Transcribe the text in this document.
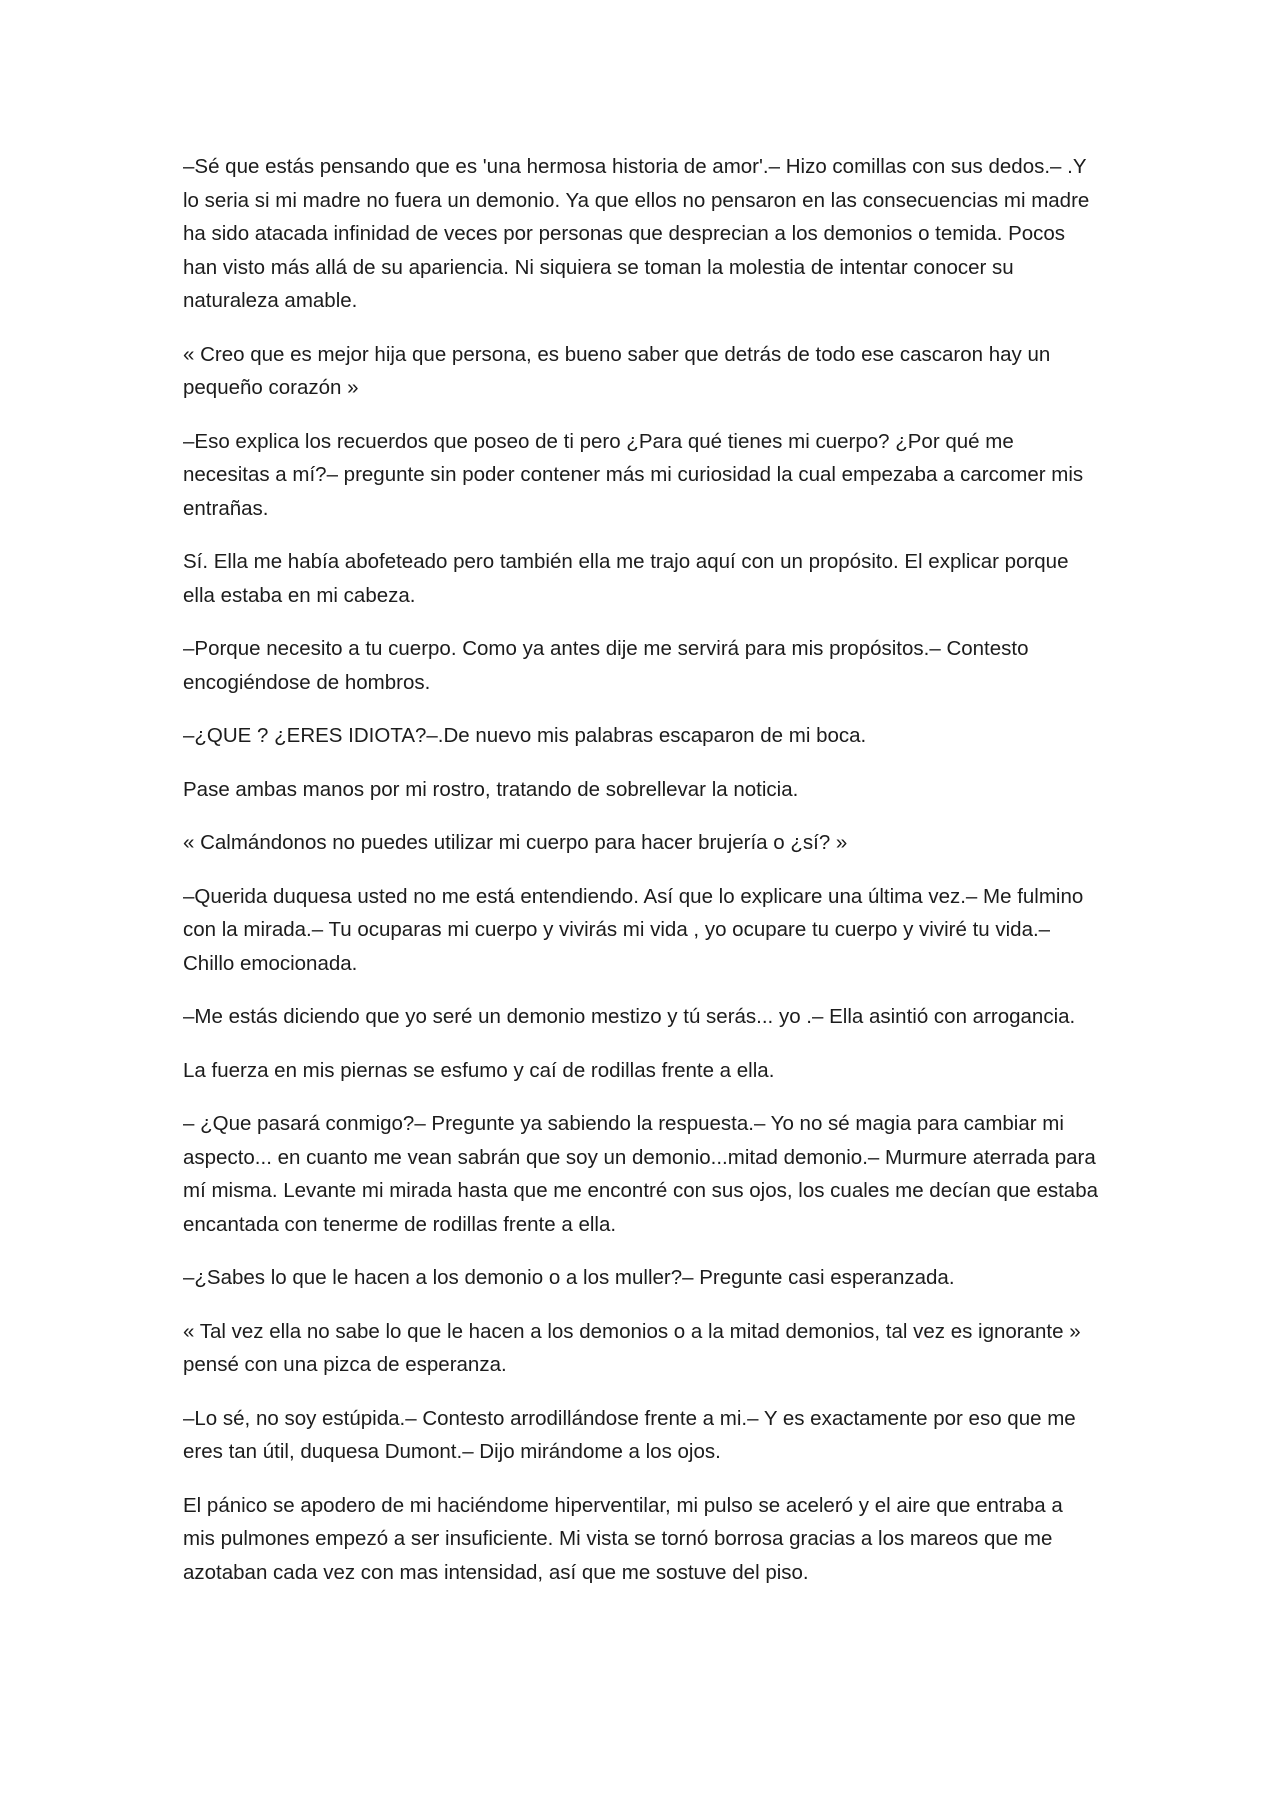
–Sé que estás pensando que es 'una hermosa historia de amor'.– Hizo comillas con sus dedos.– .Y lo seria si mi madre no fuera un demonio. Ya que ellos no pensaron en las consecuencias mi madre ha sido atacada infinidad de veces por personas que desprecian a los demonios o temida. Pocos han visto más allá de su apariencia. Ni siquiera se toman la molestia de intentar conocer su naturaleza amable.

« Creo que es mejor hija que persona, es bueno saber que detrás de todo ese cascaron hay un pequeño corazón »

–Eso explica los recuerdos que poseo de ti pero ¿Para qué tienes mi cuerpo? ¿Por qué me necesitas a mí?– pregunte sin poder contener más mi curiosidad la cual empezaba a carcomer mis entrañas.

Sí. Ella me había abofeteado pero también ella me trajo aquí con un propósito. El explicar porque ella estaba en mi cabeza.

–Porque necesito a tu cuerpo. Como ya antes dije me servirá para mis propósitos.– Contesto encogiéndose de hombros.

–¿QUE ? ¿ERES IDIOTA?–.De nuevo mis palabras escaparon de mi boca.

Pase ambas manos por mi rostro, tratando de sobrellevar la noticia.

« Calmándonos no puedes utilizar mi cuerpo para hacer brujería o ¿sí? »

–Querida duquesa usted no me está entendiendo. Así que lo explicare una última vez.– Me fulmino con la mirada.– Tu ocuparas mi cuerpo y vivirás mi vida , yo ocupare tu cuerpo y viviré tu vida.– Chillo emocionada.

–Me estás diciendo que yo seré un demonio mestizo y tú serás... yo .– Ella asintió con arrogancia.

La fuerza en mis piernas se esfumo y caí de rodillas frente a ella.

– ¿Que pasará conmigo?– Pregunte ya sabiendo la respuesta.– Yo no sé magia para cambiar mi aspecto... en cuanto me vean sabrán que soy un demonio...mitad demonio.– Murmure aterrada para mí misma. Levante mi mirada hasta que me encontré con sus ojos, los cuales me decían que estaba encantada con tenerme de rodillas frente a ella.

–¿Sabes lo que le hacen a los demonio o a los muller?– Pregunte casi esperanzada.

« Tal vez ella no sabe lo que le hacen a los demonios o a la mitad demonios, tal vez es ignorante » pensé con una pizca de esperanza.

–Lo sé, no soy estúpida.– Contesto arrodillándose frente a mi.– Y es exactamente por eso que me eres tan útil, duquesa Dumont.– Dijo mirándome a los ojos.

El pánico se apodero de mi haciéndome hiperventilar, mi pulso se aceleró y el aire que entraba a mis pulmones empezó a ser insuficiente. Mi vista se tornó borrosa gracias a los mareos que me azotaban cada vez con mas intensidad, así que me sostuve del piso.
